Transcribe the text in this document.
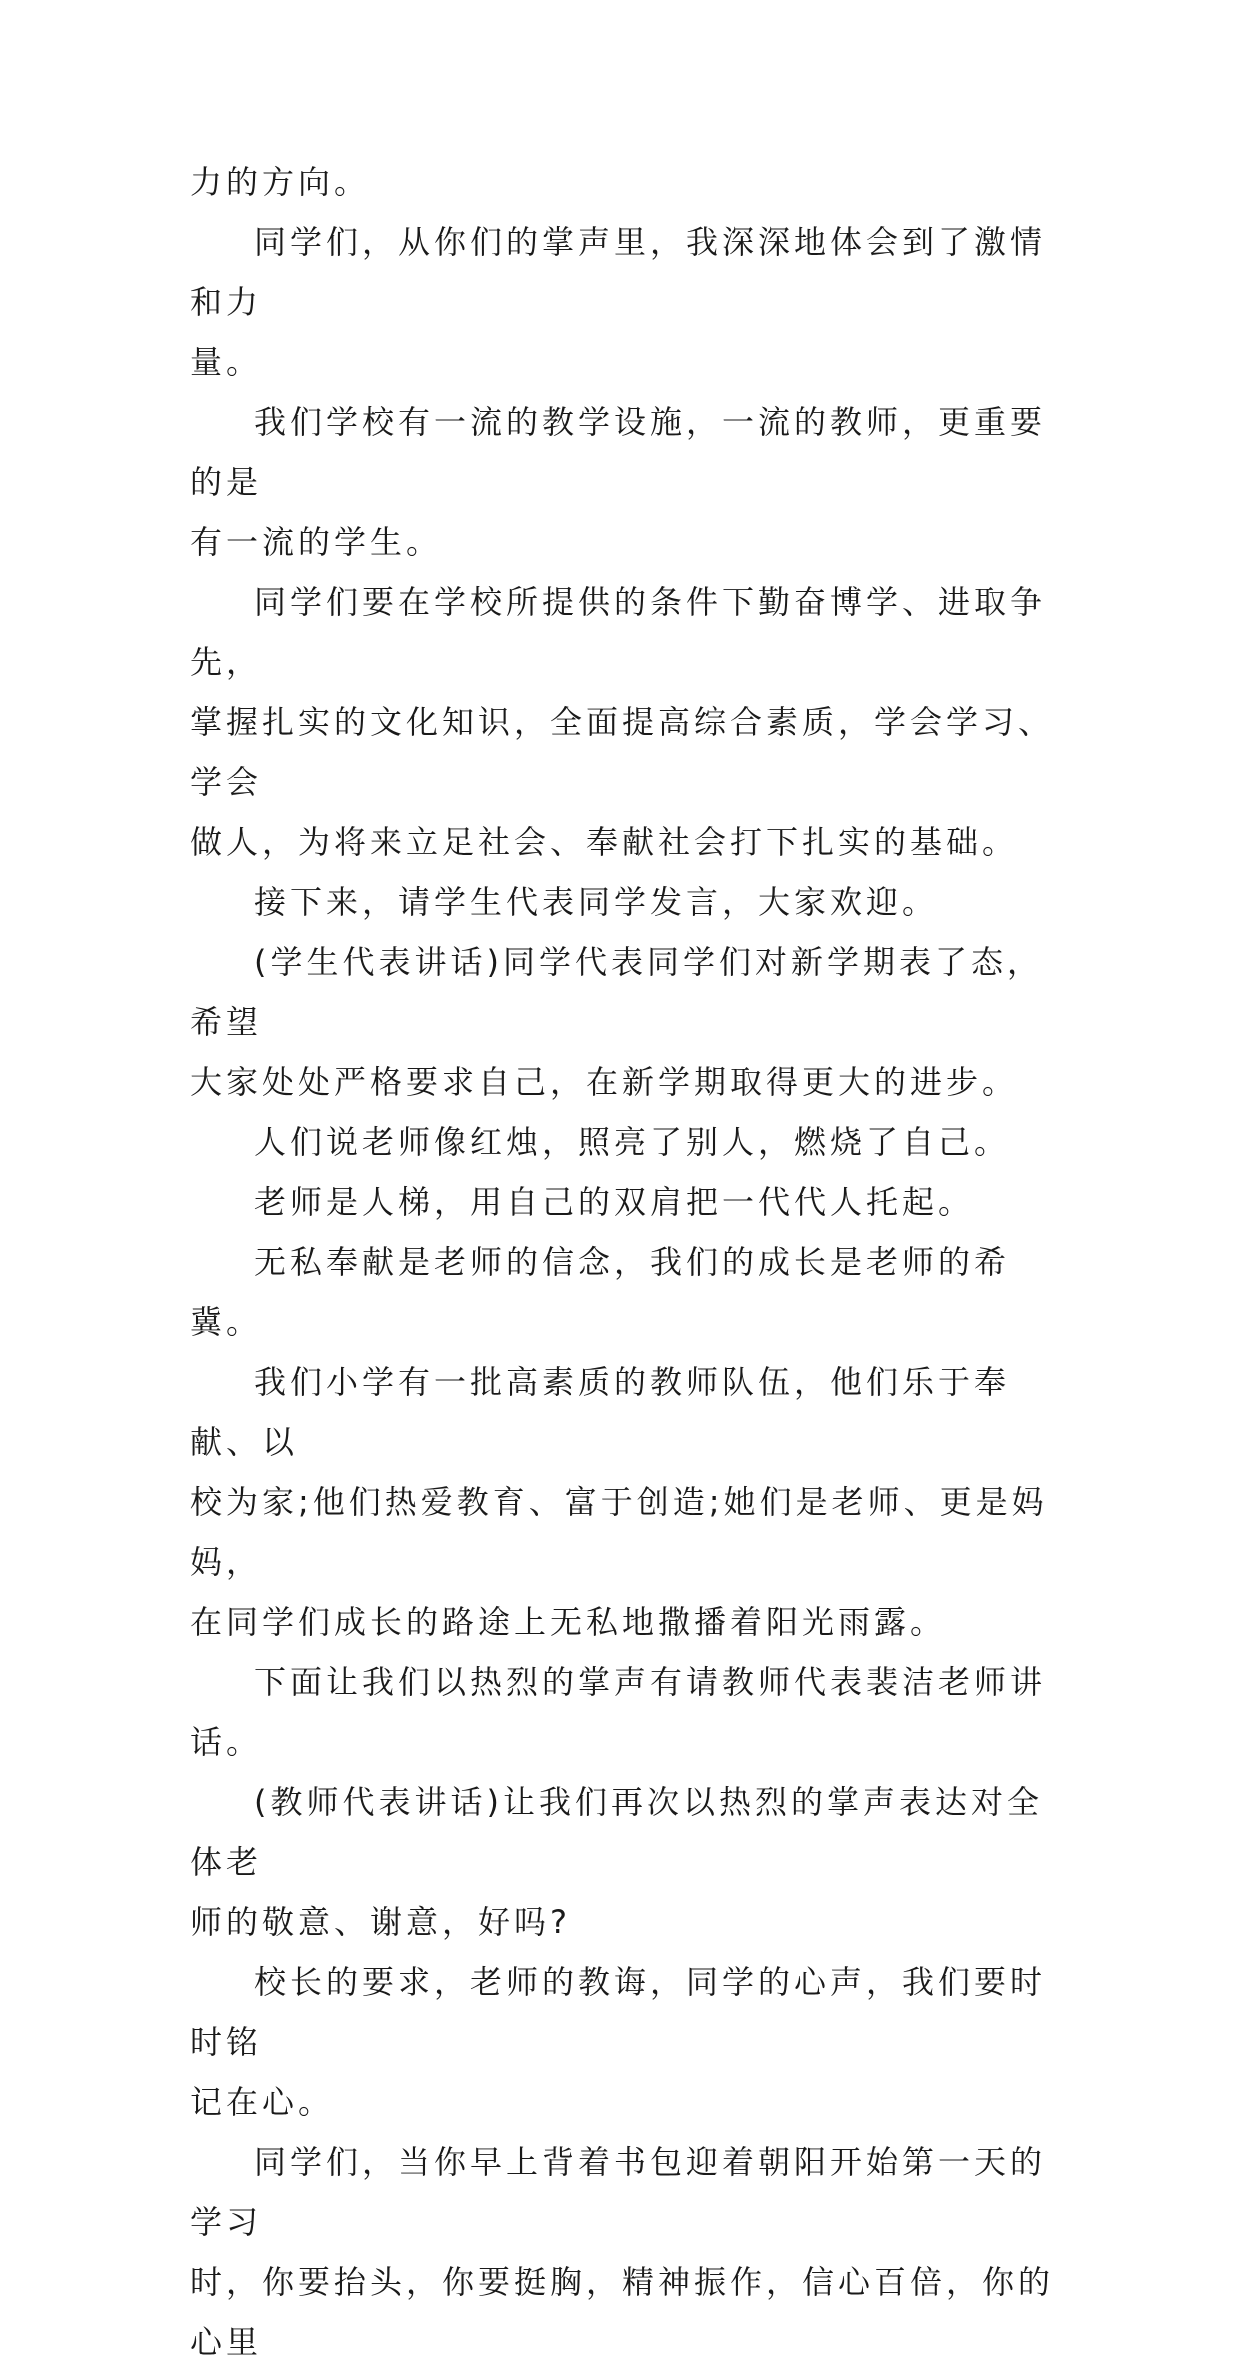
力的方向。

同学们，从你们的掌声里，我深深地体会到了激情和力
量。

我们学校有一流的教学设施，一流的教师，更重要的是
有一流的学生。

同学们要在学校所提供的条件下勤奋博学、进取争先，
掌握扎实的文化知识，全面提高综合素质，学会学习、学会
做人，为将来立足社会、奉献社会打下扎实的基础。

接下来，请学生代表同学发言，大家欢迎。

(学生代表讲话)同学代表同学们对新学期表了态，希望
大家处处严格要求自己，在新学期取得更大的进步。

人们说老师像红烛，照亮了别人，燃烧了自己。

老师是人梯，用自己的双肩把一代代人托起。

无私奉献是老师的信念，我们的成长是老师的希冀。

我们小学有一批高素质的教师队伍，他们乐于奉献、以
校为家;他们热爱教育、富于创造;她们是老师、更是妈妈，
在同学们成长的路途上无私地撒播着阳光雨露。

下面让我们以热烈的掌声有请教师代表裴洁老师讲话。

(教师代表讲话)让我们再次以热烈的掌声表达对全体老
师的敬意、谢意，好吗?

校长的要求，老师的教诲，同学的心声，我们要时时铭
记在心。

同学们，当你早上背着书包迎着朝阳开始第一天的学习
时，你要抬头，你要挺胸，精神振作，信心百倍，你的心里
